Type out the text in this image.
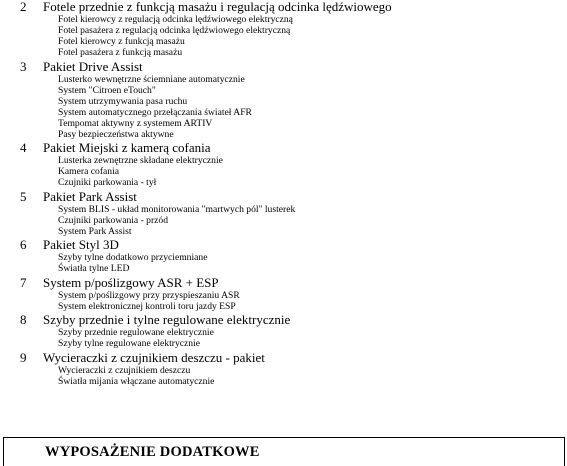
2	Fotele przednie z funkcją masażu i regulacją odcinka lędźwiowego
Fotel kierowcy z regulacją odcinka lędźwiowego elektryczną
Fotel pasażera z regulacją odcinka lędźwiowego elektryczną
Fotel kierowcy z funkcją masażu
Fotel pasażera z funkcją masażu
3	Pakiet Drive Assist
Lusterko wewnętrzne ściemniane automatycznie
System "Citroen eTouch"
System utrzymywania pasa ruchu
System automatycznego przełączania świateł AFR
Tempomat aktywny z systemem ARTIV
Pasy bezpieczeństwa aktywne
4	Pakiet Miejski z kamerą cofania
Lusterka zewnętrzne składane elektrycznie
Kamera cofania
Czujniki parkowania - tył
5	Pakiet Park Assist
System BLIS - układ monitorowania "martwych pól" lusterek
Czujniki parkowania - przód
System Park Assist
6	Pakiet Styl 3D
Szyby tylne dodatkowo przyciemniane
Światła tylne LED
7	System p/poślizgowy ASR + ESP
System p/poślizgowy przy przyspieszaniu ASR
System elektronicznej kontroli toru jazdy ESP
8	Szyby przednie i tylne regulowane elektrycznie
Szyby przednie regulowane elektrycznie
Szyby tylne regulowane elektrycznie
9	Wycieraczki z czujnikiem deszczu - pakiet
Wycieraczki z czujnikiem deszczu
Światła mijania włączane automatycznie
WYPOSAŻENIE DODATKOWE
